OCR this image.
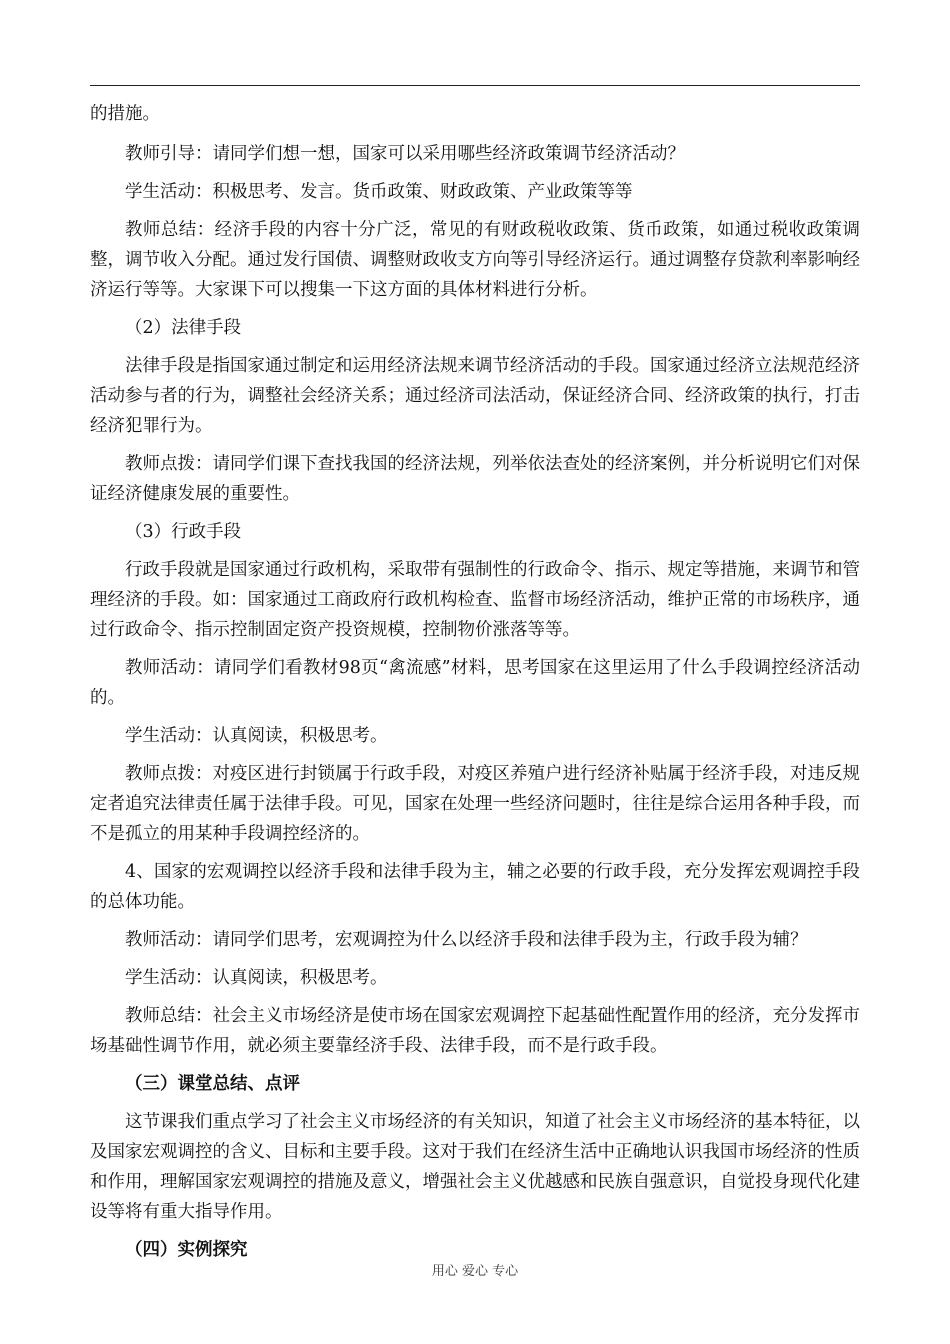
的措施。

教师引导：请同学们想一想，国家可以采用哪些经济政策调节经济活动？

学生活动：积极思考、发言。货币政策、财政政策、产业政策等等

教师总结：经济手段的内容十分广泛，常见的有财政税收政策、货币政策，如通过税收政策调整，调节收入分配。通过发行国债、调整财政收支方向等引导经济运行。通过调整存贷款利率影响经济运行等等。大家课下可以搜集一下这方面的具体材料进行分析。

（2）法律手段

法律手段是指国家通过制定和运用经济法规来调节经济活动的手段。国家通过经济立法规范经济活动参与者的行为，调整社会经济关系；通过经济司法活动，保证经济合同、经济政策的执行，打击经济犯罪行为。

教师点拨：请同学们课下查找我国的经济法规，列举依法查处的经济案例，并分析说明它们对保证经济健康发展的重要性。

（3）行政手段

行政手段就是国家通过行政机构，采取带有强制性的行政命令、指示、规定等措施，来调节和管理经济的手段。如：国家通过工商政府行政机构检查、监督市场经济活动，维护正常的市场秩序，通过行政命令、指示控制固定资产投资规模，控制物价涨落等等。

教师活动：请同学们看教材98页“禽流感”材料，思考国家在这里运用了什么手段调控经济活动的。

学生活动：认真阅读，积极思考。

教师点拨：对疫区进行封锁属于行政手段，对疫区养殖户进行经济补贴属于经济手段，对违反规定者追究法律责任属于法律手段。可见，国家在处理一些经济问题时，往往是综合运用各种手段，而不是孤立的用某种手段调控经济的。

4、国家的宏观调控以经济手段和法律手段为主，辅之必要的行政手段，充分发挥宏观调控手段的总体功能。

教师活动：请同学们思考，宏观调控为什么以经济手段和法律手段为主，行政手段为辅？

学生活动：认真阅读，积极思考。

教师总结：社会主义市场经济是使市场在国家宏观调控下起基础性配置作用的经济，充分发挥市场基础性调节作用，就必须主要靠经济手段、法律手段，而不是行政手段。

（三）课堂总结、点评

这节课我们重点学习了社会主义市场经济的有关知识，知道了社会主义市场经济的基本特征，以及国家宏观调控的含义、目标和主要手段。这对于我们在经济生活中正确地认识我国市场经济的性质和作用，理解国家宏观调控的措施及意义，增强社会主义优越感和民族自强意识，自觉投身现代化建设等将有重大指导作用。

（四）实例探究

用心 爱心 专心
